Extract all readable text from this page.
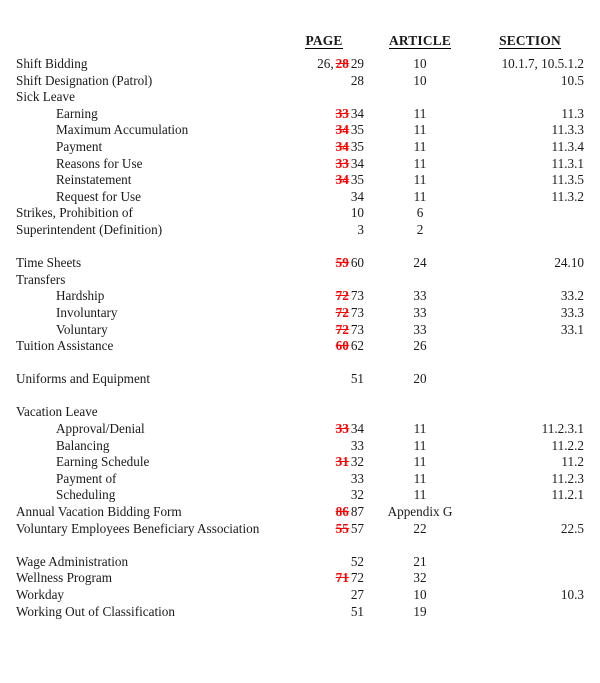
	PAGE	ARTICLE	SECTION
Shift Bidding	26, 28 29	10	10.1.7, 10.5.1.2
Shift Designation (Patrol)	28	10	10.5
Sick Leave			
Earning	33 34	11	11.3
Maximum Accumulation	34 35	11	11.3.3
Payment	34 35	11	11.3.4
Reasons for Use	33 34	11	11.3.1
Reinstatement	34 35	11	11.3.5
Request for Use	34	11	11.3.2
Strikes, Prohibition of	10	6	
Superintendent (Definition)	3	2	

Time Sheets	59 60	24	24.10
Transfers			
Hardship	72 73	33	33.2
Involuntary	72 73	33	33.3
Voluntary	72 73	33	33.1
Tuition Assistance	60 62	26	

Uniforms and Equipment	51	20	

Vacation Leave			
Approval/Denial	33 34	11	11.2.3.1
Balancing	33	11	11.2.2
Earning Schedule	31 32	11	11.2
Payment of	33	11	11.2.3
Scheduling	32	11	11.2.1
Annual Vacation Bidding Form	86 87	Appendix G	
Voluntary Employees Beneficiary Association	55 57	22	22.5

Wage Administration	52	21	
Wellness Program	71 72	32	
Workday	27	10	10.3
Working Out of Classification	51	19	
